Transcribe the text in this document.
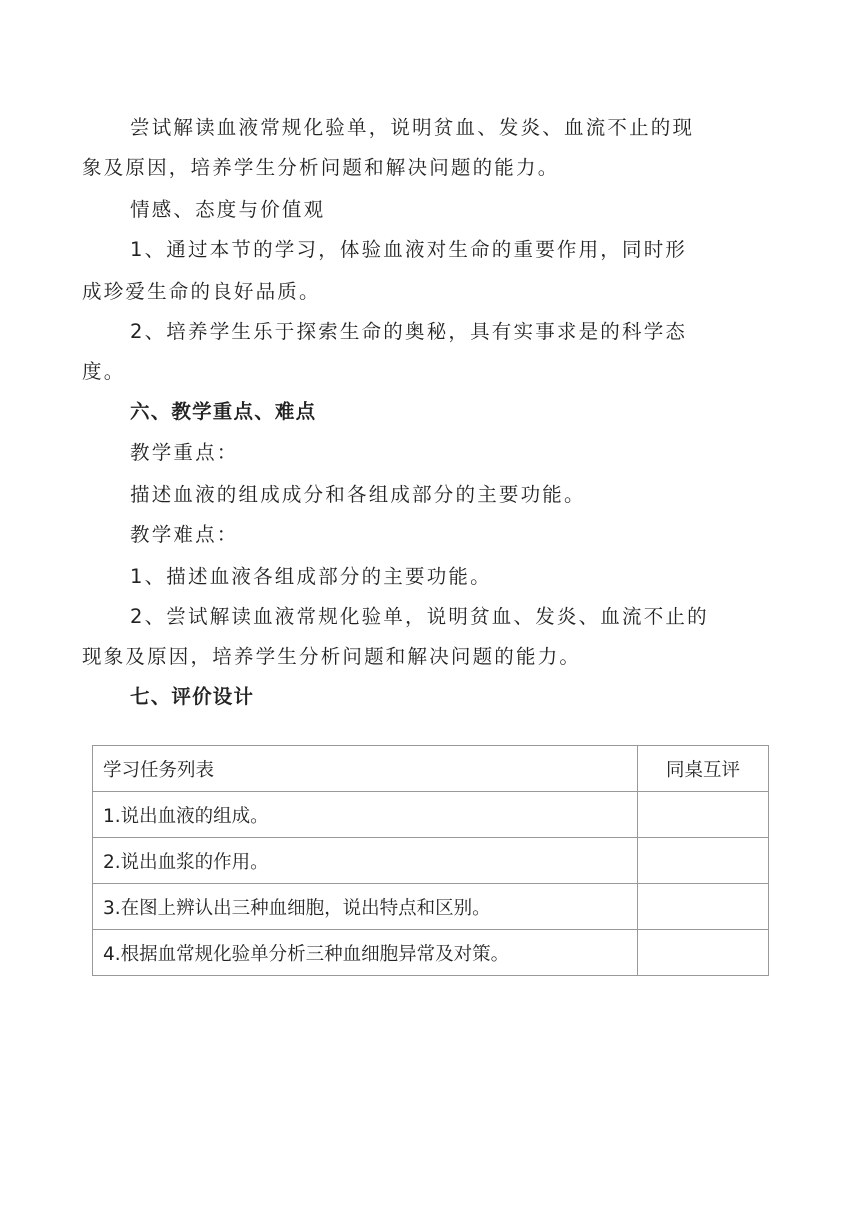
尝试解读血液常规化验单，说明贫血、发炎、血流不止的现

象及原因，培养学生分析问题和解决问题的能力。

情感、态度与价值观

1、通过本节的学习，体验血液对生命的重要作用，同时形

成珍爱生命的良好品质。

2、培养学生乐于探索生命的奥秘，具有实事求是的科学态

度。

六、教学重点、难点

教学重点：

描述血液的组成成分和各组成部分的主要功能。

教学难点：

1、描述血液各组成部分的主要功能。

2、尝试解读血液常规化验单，说明贫血、发炎、血流不止的

现象及原因，培养学生分析问题和解决问题的能力。

七、评价设计

学习任务列表	同桌互评
1.说出血液的组成。	
2.说出血浆的作用。	
3.在图上辨认出三种血细胞，说出特点和区别。	
4.根据血常规化验单分析三种血细胞异常及对策。	
